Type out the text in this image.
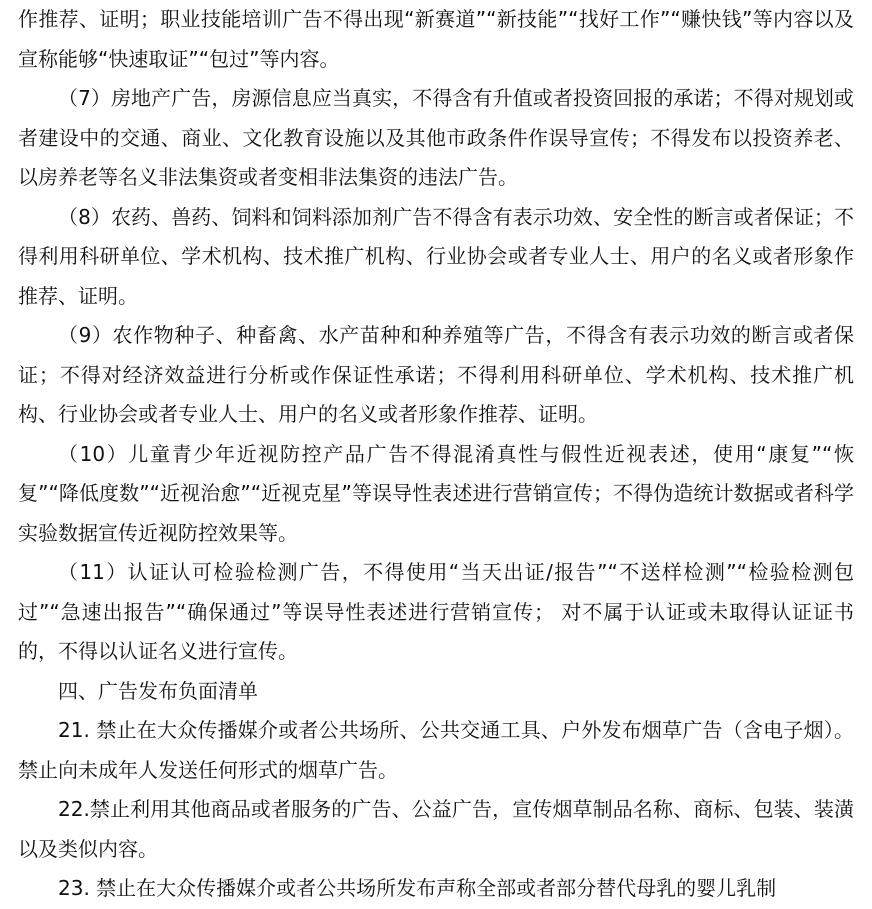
作推荐、证明；职业技能培训广告不得出现“新赛道”“新技能”“找好工作”“赚快钱”等内容以及宣称能够“快速取证”“包过”等内容。

（7）房地产广告，房源信息应当真实，不得含有升值或者投资回报的承诺；不得对规划或者建设中的交通、商业、文化教育设施以及其他市政条件作误导宣传；不得发布以投资养老、以房养老等名义非法集资或者变相非法集资的违法广告。

（8）农药、兽药、饲料和饲料添加剂广告不得含有表示功效、安全性的断言或者保证；不得利用科研单位、学术机构、技术推广机构、行业协会或者专业人士、用户的名义或者形象作推荐、证明。

（9）农作物种子、种畜禽、水产苗种和种养殖等广告，不得含有表示功效的断言或者保证；不得对经济效益进行分析或作保证性承诺；不得利用科研单位、学术机构、技术推广机构、行业协会或者专业人士、用户的名义或者形象作推荐、证明。

（10）儿童青少年近视防控产品广告不得混淆真性与假性近视表述，使用“康复”“恢复”“降低度数”“近视治愈”“近视克星”等误导性表述进行营销宣传；不得伪造统计数据或者科学实验数据宣传近视防控效果等。

（11）认证认可检验检测广告，不得使用“当天出证/报告”“不送样检测”“检验检测包过”“急速出报告”“确保通过”等误导性表述进行营销宣传； 对不属于认证或未取得认证证书的，不得以认证名义进行宣传。

四、广告发布负面清单

21. 禁止在大众传播媒介或者公共场所、公共交通工具、户外发布烟草广告（含电子烟）。禁止向未成年人发送任何形式的烟草广告。

22.禁止利用其他商品或者服务的广告、公益广告，宣传烟草制品名称、商标、包装、装潢以及类似内容。

23. 禁止在大众传播媒介或者公共场所发布声称全部或者部分替代母乳的婴儿乳制
